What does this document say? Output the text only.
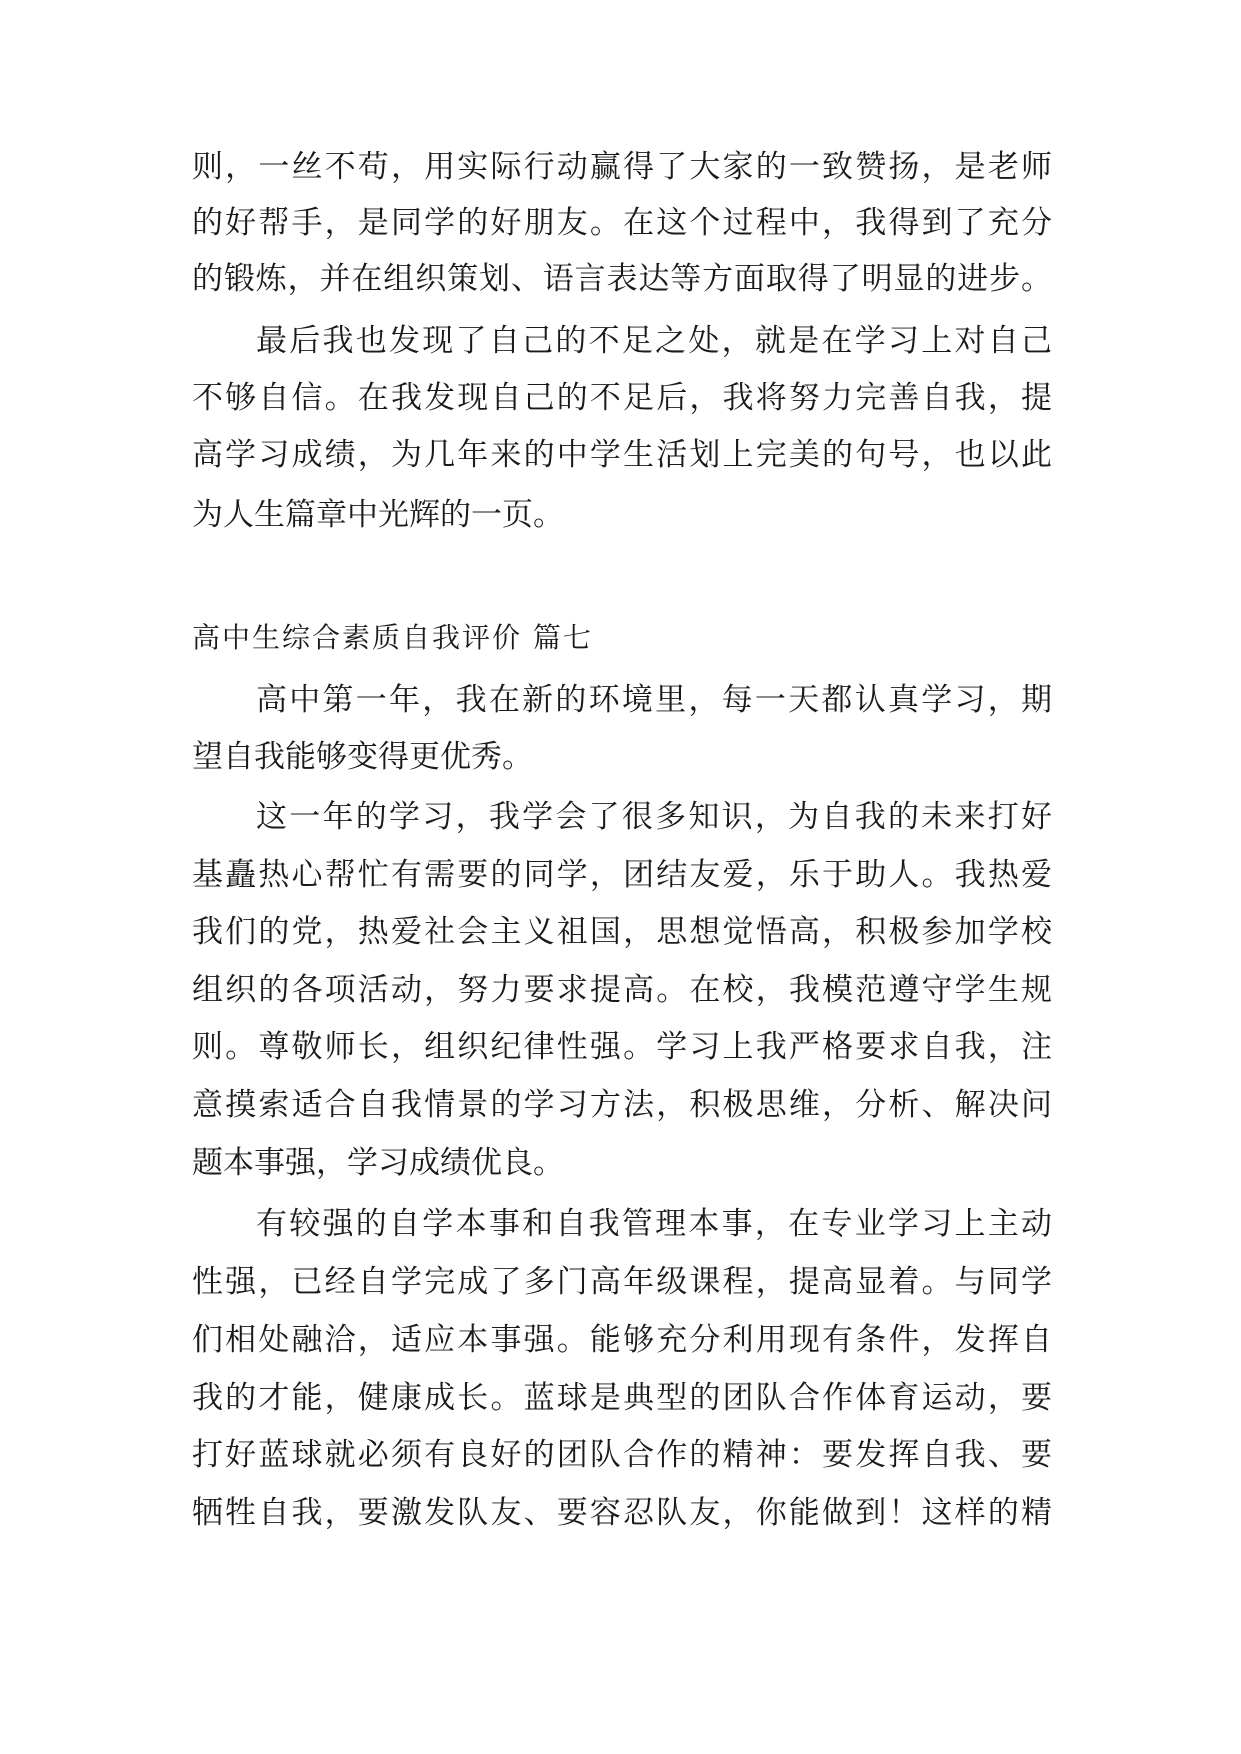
则，一丝不苟，用实际行动赢得了大家的一致赞扬，是老师
的好帮手，是同学的好朋友。在这个过程中，我得到了充分
的锻炼，并在组织策划、语言表达等方面取得了明显的进步。
最后我也发现了自己的不足之处，就是在学习上对自己
不够自信。在我发现自己的不足后，我将努力完善自我，提
高学习成绩，为几年来的中学生活划上完美的句号，也以此
为人生篇章中光辉的一页。
高中生综合素质自我评价 篇七
高中第一年，我在新的环境里，每一天都认真学习，期
望自我能够变得更优秀。
这一年的学习，我学会了很多知识，为自我的未来打好
基矗热心帮忙有需要的同学，团结友爱，乐于助人。我热爱
我们的党，热爱社会主义祖国，思想觉悟高，积极参加学校
组织的各项活动，努力要求提高。在校，我模范遵守学生规
则。尊敬师长，组织纪律性强。学习上我严格要求自我，注
意摸索适合自我情景的学习方法，积极思维，分析、解决问
题本事强，学习成绩优良。
有较强的自学本事和自我管理本事，在专业学习上主动
性强，已经自学完成了多门高年级课程，提高显着。与同学
们相处融洽，适应本事强。能够充分利用现有条件，发挥自
我的才能，健康成长。蓝球是典型的团队合作体育运动，要
打好蓝球就必须有良好的团队合作的精神：要发挥自我、要
牺牲自我，要激发队友、要容忍队友，你能做到！这样的精
